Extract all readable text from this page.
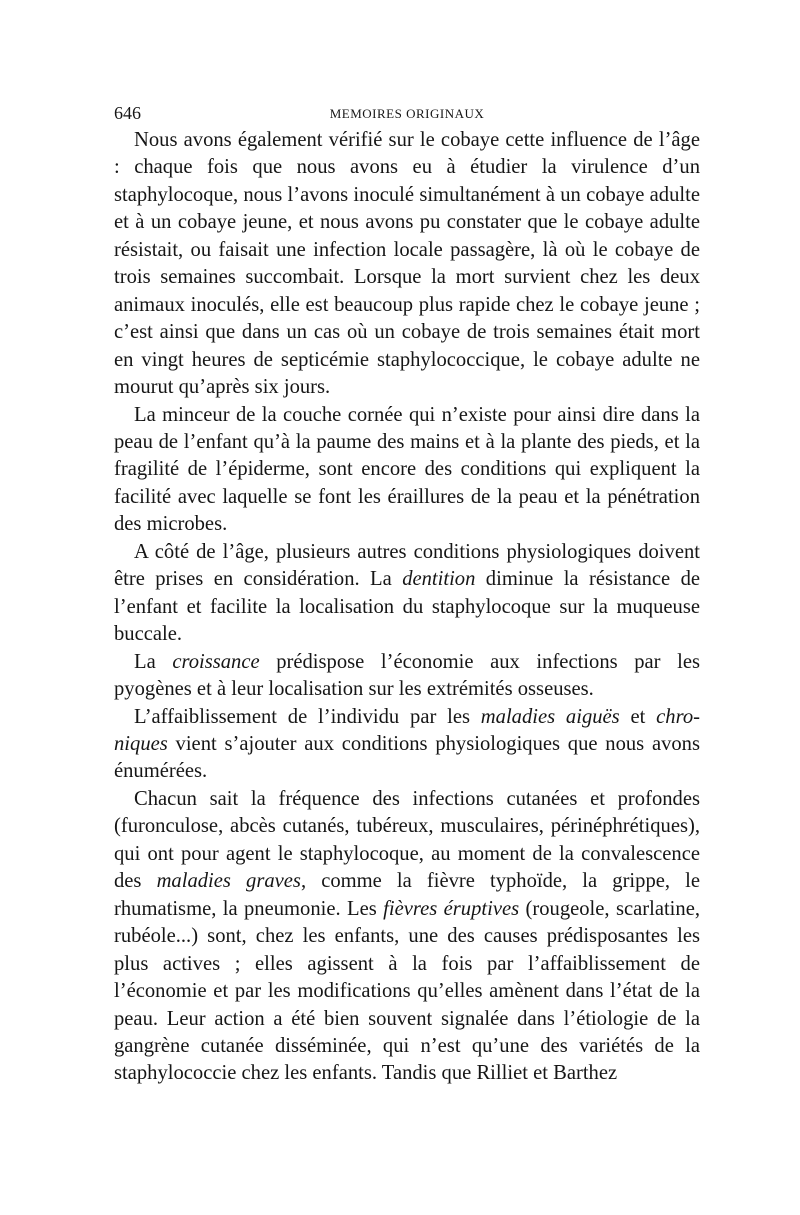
646	MEMOIRES ORIGINAUX

Nous avons également vérifié sur le cobaye cette influence de l’âge : chaque fois que nous avons eu à étudier la virulence d’un staphylocoque, nous l’avons inoculé simultanément à un cobaye adulte et à un cobaye jeune, et nous avons pu constater que le cobaye adulte résistait, ou faisait une infection locale passagère, là où le cobaye de trois semaines succombait. Lorsque la mort survient chez les deux animaux inoculés, elle est beaucoup plus rapide chez le cobaye jeune ; c’est ainsi que dans un cas où un cobaye de trois semaines était mort en vingt heures de septicémie staphylococcique, le cobaye adulte ne mourut qu’après six jours.

La minceur de la couche cornée qui n’existe pour ainsi dire dans la peau de l’enfant qu’à la paume des mains et à la plante des pieds, et la fragilité de l’épiderme, sont encore des conditions qui expliquent la facilité avec laquelle se font les éraillures de la peau et la pénétration des microbes.

A côté de l’âge, plusieurs autres conditions physiologiques doivent être prises en considération. La dentition diminue la résistance de l’enfant et facilite la localisation du staphylocoque sur la muqueuse buccale.

La croissance prédispose l’économie aux infections par les pyogènes et à leur localisation sur les extrémités osseuses.

L’affaiblissement de l’individu par les maladies aiguës et chroniques vient s’ajouter aux conditions physiologiques que nous avons énumérées.

Chacun sait la fréquence des infections cutanées et profondes (furonculose, abcès cutanés, tubéreux, musculaires, périnéphrétiques), qui ont pour agent le staphylocoque, au moment de la convalescence des maladies graves, comme la fièvre typhoïde, la grippe, le rhumatisme, la pneumonie. Les fièvres éruptives (rougeole, scarlatine, rubéole...) sont, chez les enfants, une des causes prédisposantes les plus actives ; elles agissent à la fois par l’affaiblissement de l’économie et par les modifications qu’elles amènent dans l’état de la peau. Leur action a été bien souvent signalée dans l’étiologie de la gangrène cutanée disséminée, qui n’est qu’une des variétés de la staphylococcie chez les enfants. Tandis que Rilliet et Barthez
